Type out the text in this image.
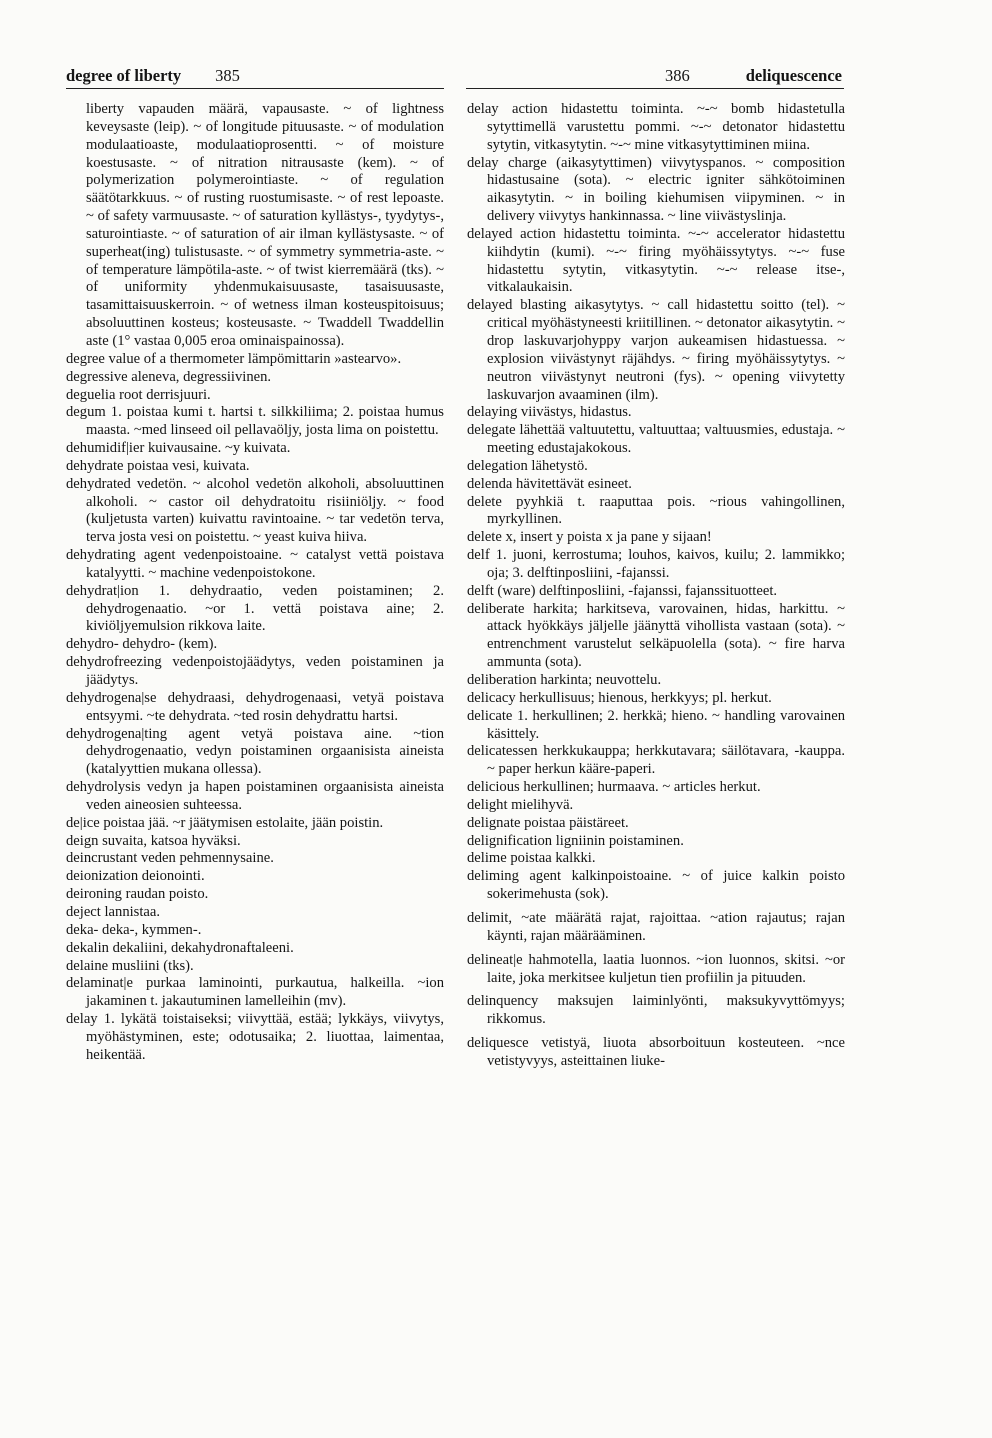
degree of liberty 385	386	deliquescence

liberty vapauden määrä, vapausaste. ~ of lightness keveysaste (leip). ~ of longitude pituusaste. ~ of modulation modulaatioaste, modulaatioprosentti. ~ of moisture koestusaste. ~ of nitration nitrausaste (kem). ~ of polymerization polymerointiaste. ~ of regulation säätötarkkuus. ~ of rusting ruostumisaste. ~ of rest lepoaste. ~ of safety varmuusaste. ~ of saturation kyllästys-, tyydytys-, saturointiaste. ~ of saturation of air ilman kyllästysaste. ~ of superheat(ing) tulistusaste. ~ of symmetry symmetria-aste. ~ of temperature lämpötila-aste. ~ of twist kierremäärä (tks). ~ of uniformity yhdenmukaisuusaste, tasaisuusaste, tasamittaisuuskerroin. ~ of wetness ilman kosteuspitoisuus; absoluuttinen kosteus; kosteusaste. ~ Twaddell Twaddellin aste (1° vastaa 0,005 eroa ominaispainossa).

degree value of a thermometer lämpömittarin »astearvo».

degressive aleneva, degressiivinen.

deguelia root derrisjuuri.

degum 1. poistaa kumi t. hartsi t. silkkiliima; 2. poistaa humus maasta. ~med linseed oil pellavaöljy, josta lima on poistettu.

dehumidif|ier kuivausaine. ~y kuivata.

dehydrate poistaa vesi, kuivata.

dehydrated vedetön. ~ alcohol vedetön alkoholi, absoluuttinen alkoholi. ~ castor oil dehydratoitu risiiniöljy. ~ food (kuljetusta varten) kuivattu ravintoaine. ~ tar vedetön terva, terva josta vesi on poistettu. ~ yeast kuiva hiiva.

dehydrating agent vedenpoistoaine. ~ catalyst vettä poistava katalyytti. ~ machine vedenpoistokone.

dehydrat|ion 1. dehydraatio, veden poistaminen; 2. dehydrogenaatio. ~or 1. vettä poistava aine; 2. kiviöljyemulsion rikkova laite.

dehydro- dehydro- (kem).

dehydrofreezing vedenpoistojäädytys, veden poistaminen ja jäädytys.

dehydrogena|se dehydraasi, dehydrogenaasi, vetyä poistava entsyymi. ~te dehydrata. ~ted rosin dehydrattu hartsi.

dehydrogena|ting agent vetyä poistava aine. ~tion dehydrogenaatio, vedyn poistaminen orgaanisista aineista (katalyyttien mukana ollessa).

dehydrolysis vedyn ja hapen poistaminen orgaanisista aineista veden aineosien suhteessa.

de|ice poistaa jää. ~r jäätymisen estolaite, jään poistin.

deign suvaita, katsoa hyväksi.

deincrustant veden pehmennysaine.

deionization deionointi.

deironing raudan poisto.

deject lannistaa.

deka- deka-, kymmen-.

dekalin dekaliini, dekahydronaftaleeni.

delaine musliini (tks).

delaminat|e purkaa laminointi, purkautua, halkeilla. ~ion jakaminen t. jakautuminen lamelleihin (mv).

delay 1. lykätä toistaiseksi; viivyttää, estää; lykkäys, viivytys, myöhästyminen, este; odotusaika; 2. liuottaa, laimentaa, heikentää.

delay action hidastettu toiminta. ~-~ bomb hidastetulla sytyttimellä varustettu pommi. ~-~ detonator hidastettu sytytin, vitkasytytin. ~-~ mine vitkasytyttiminen miina.

delay charge (aikasytyttimen) viivytyspanos. ~ composition hidastusaine (sota). ~ electric igniter sähkötoiminen aikasytytin. ~ in boiling kiehumisen viipyminen. ~ in delivery viivytys hankinnassa. ~ line viivästyslinja.

delayed action hidastettu toiminta. ~-~ accelerator hidastettu kiihdytin (kumi). ~-~ firing myöhäissytytys. ~-~ fuse hidastettu sytytin, vitkasytytin. ~-~ release itse-, vitkalaukaisin.

delayed blasting aikasytytys. ~ call hidastettu soitto (tel). ~ critical myöhästyneesti kriitillinen. ~ detonator aikasytytin. ~ drop laskuvarjohyppy varjon aukeamisen hidastuessa. ~ explosion viivästynyt räjähdys. ~ firing myöhäissytytys. ~ neutron viivästynyt neutroni (fys). ~ opening viivytetty laskuvarjon avaaminen (ilm).

delaying viivästys, hidastus.

delegate lähettää valtuutettu, valtuuttaa; valtuusmies, edustaja. ~ meeting edustajakokous.

delegation lähetystö.

delenda hävitettävät esineet.

delete pyyhkiä t. raaputtaa pois. ~rious vahingollinen, myrkyllinen.

delete x, insert y poista x ja pane y sijaan!

delf 1. juoni, kerrostuma; louhos, kaivos, kuilu; 2. lammikko; oja; 3. delftinposliini, -fajanssi.

delft (ware) delftinposliini, -fajanssi, fajanssituotteet.

deliberate harkita; harkitseva, varovainen, hidas, harkittu. ~ attack hyökkäys jäljelle jäänyttä vihollista vastaan (sota). ~ entrenchment varustelut selkäpuolella (sota). ~ fire harva ammunta (sota).

deliberation harkinta; neuvottelu.

delicacy herkullisuus; hienous, herkkyys; pl. herkut.

delicate 1. herkullinen; 2. herkkä; hieno. ~ handling varovainen käsittely.

delicatessen herkkukauppa; herkkutavara; säilötavara, -kauppa. ~ paper herkun kääre-paperi.

delicious herkullinen; hurmaava. ~ articles herkut.

delight mielihyvä.

delignate poistaa päistäreet.

delignification ligniinin poistaminen.

delime poistaa kalkki.

deliming agent kalkinpoistoaine. ~ of juice kalkin poisto sokerimehusta (sok).

delimit, ~ate määrätä rajat, rajoittaa. ~ation rajautus; rajan käynti, rajan määrääminen.

delineat|e hahmotella, laatia luonnos. ~ion luonnos, skitsi. ~or laite, joka merkitsee kuljetun tien profiilin ja pituuden.

delinquency maksujen laiminlyönti, maksukyvyttömyys; rikkomus.

deliquesce vetistyä, liuota absorboituun kosteuteen. ~nce vetistyvyys, asteittainen liuke-
